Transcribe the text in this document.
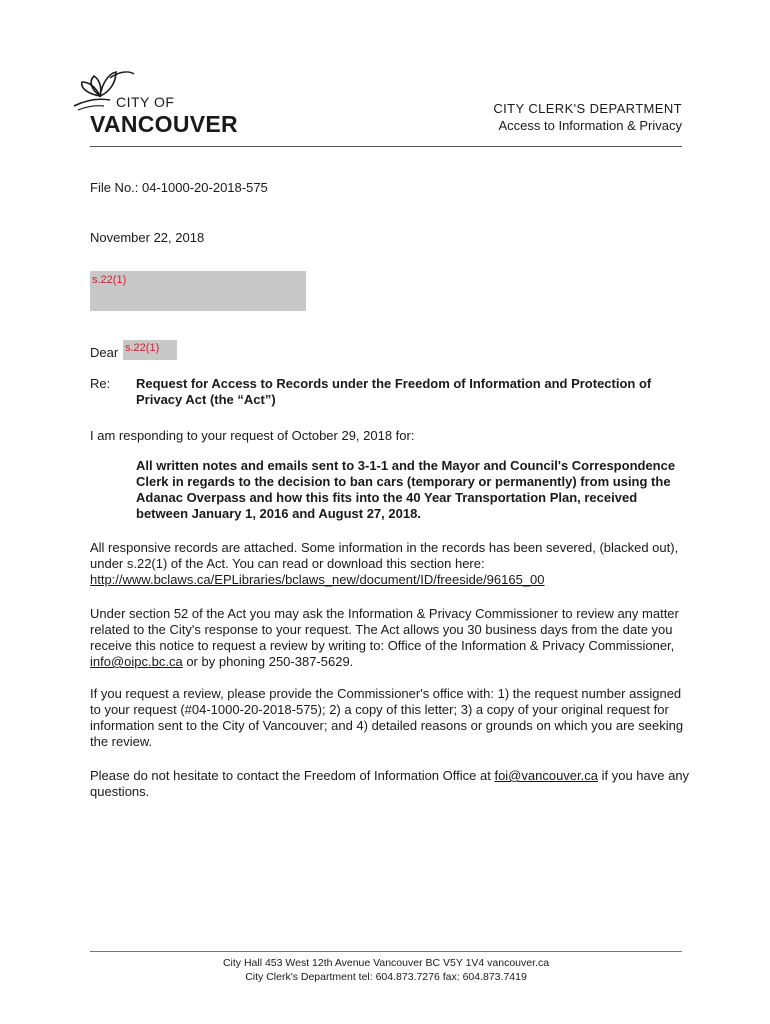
CITY OF
VANCOUVER
CITY CLERK'S DEPARTMENT
Access to Information & Privacy
File No.: 04-1000-20-2018-575
November 22, 2018
s.22(1)
Dear s.22(1)
Re: Request for Access to Records under the Freedom of Information and Protection of Privacy Act (the “Act”)
I am responding to your request of October 29, 2018 for:
All written notes and emails sent to 3-1-1 and the Mayor and Council's Correspondence Clerk in regards to the decision to ban cars (temporary or permanently) from using the Adanac Overpass and how this fits into the 40 Year Transportation Plan, received between January 1, 2016 and August 27, 2018.
All responsive records are attached. Some information in the records has been severed, (blacked out), under s.22(1) of the Act. You can read or download this section here: http://www.bclaws.ca/EPLibraries/bclaws_new/document/ID/freeside/96165_00
Under section 52 of the Act you may ask the Information & Privacy Commissioner to review any matter related to the City's response to your request. The Act allows you 30 business days from the date you receive this notice to request a review by writing to: Office of the Information & Privacy Commissioner, info@oipc.bc.ca or by phoning 250-387-5629.
If you request a review, please provide the Commissioner's office with: 1) the request number assigned to your request (#04-1000-20-2018-575); 2) a copy of this letter; 3) a copy of your original request for information sent to the City of Vancouver; and 4) detailed reasons or grounds on which you are seeking the review.
Please do not hesitate to contact the Freedom of Information Office at foi@vancouver.ca if you have any questions.
City Hall 453 West 12th Avenue Vancouver BC V5Y 1V4 vancouver.ca
City Clerk's Department tel: 604.873.7276 fax: 604.873.7419
